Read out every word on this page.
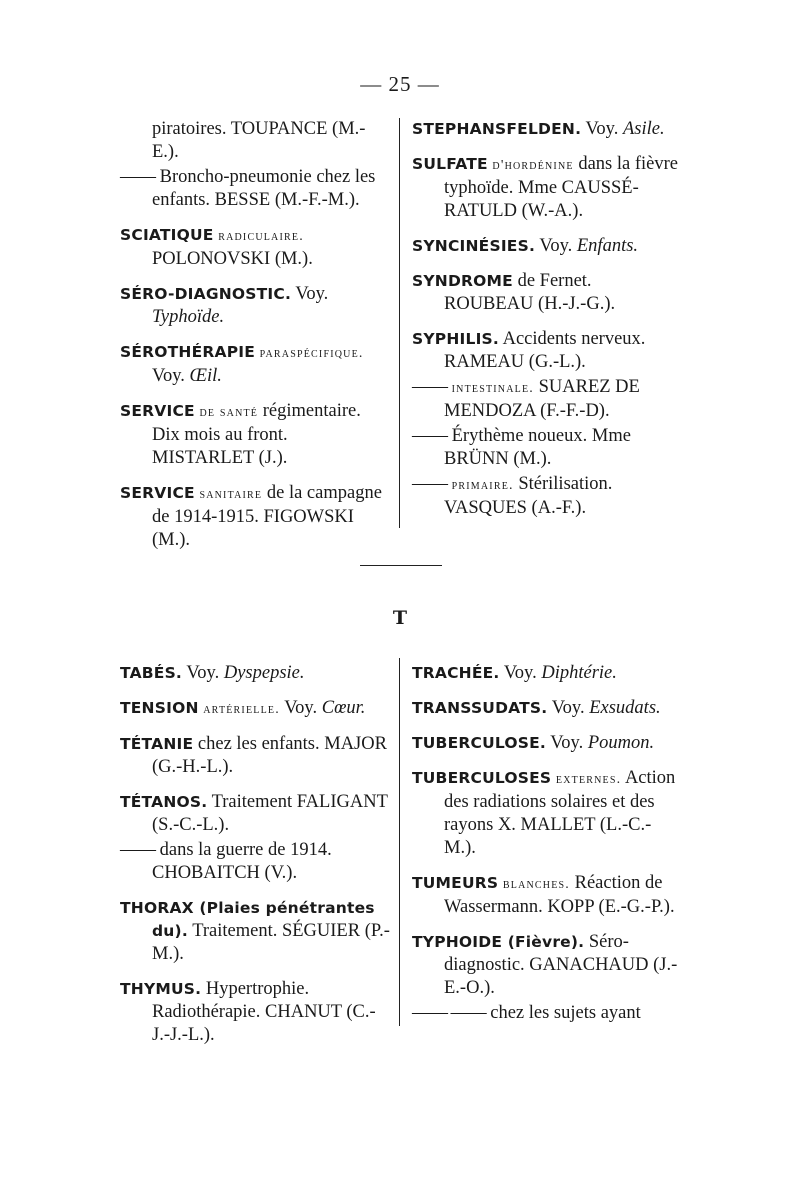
— 25 —

piratoires. TOUPANCE (M.-E.).

—— Broncho-pneumonie chez les enfants. BESSE (M.-F.-M.).

SCIATIQUE radiculaire. POLONOVSKI (M.).

SÉRO-DIAGNOSTIC. Voy. Typhoïde.

SÉROTHÉRAPIE paraspécifique. Voy. Œil.

SERVICE de santé régimentaire. Dix mois au front. MISTARLET (J.).

SERVICE sanitaire de la campagne de 1914-1915. FIGOWSKI (M.).

STEPHANSFELDEN. Voy. Asile.

SULFATE d'hordénine dans la fièvre typhoïde. Mme CAUSSÉ-RATULD (W.-A.).

SYNCINÉSIES. Voy. Enfants.

SYNDROME de Fernet. ROUBEAU (H.-J.-G.).

SYPHILIS. Accidents nerveux. RAMEAU (G.-L.).

—— intestinale. SUAREZ DE MENDOZA (F.-F.-D).

—— Érythème noueux. Mme BRÜNN (M.).

—— primaire. Stérilisation. VASQUES (A.-F.).

T

TABÉS. Voy. Dyspepsie.

TENSION artérielle. Voy. Cœur.

TÉTANIE chez les enfants. MAJOR (G.-H.-L.).

TÉTANOS. Traitement FALIGANT (S.-C.-L.).

—— dans la guerre de 1914. CHOBAITCH (V.).

THORAX (Plaies pénétrantes du). Traitement. SÉGUIER (P.-M.).

THYMUS. Hypertrophie. Radiothérapie. CHANUT (C.-J.-J.-L.).

TRACHÉE. Voy. Diphtérie.

TRANSSUDATS. Voy. Exsudats.

TUBERCULOSE. Voy. Poumon.

TUBERCULOSES externes. Action des radiations solaires et des rayons X. MALLET (L.-C.-M.).

TUMEURS blanches. Réaction de Wassermann. KOPP (E.-G.-P.).

TYPHOIDE (Fièvre). Séro-diagnostic. GANACHAUD (J.-E.-O.).

—— —— chez les sujets ayant
